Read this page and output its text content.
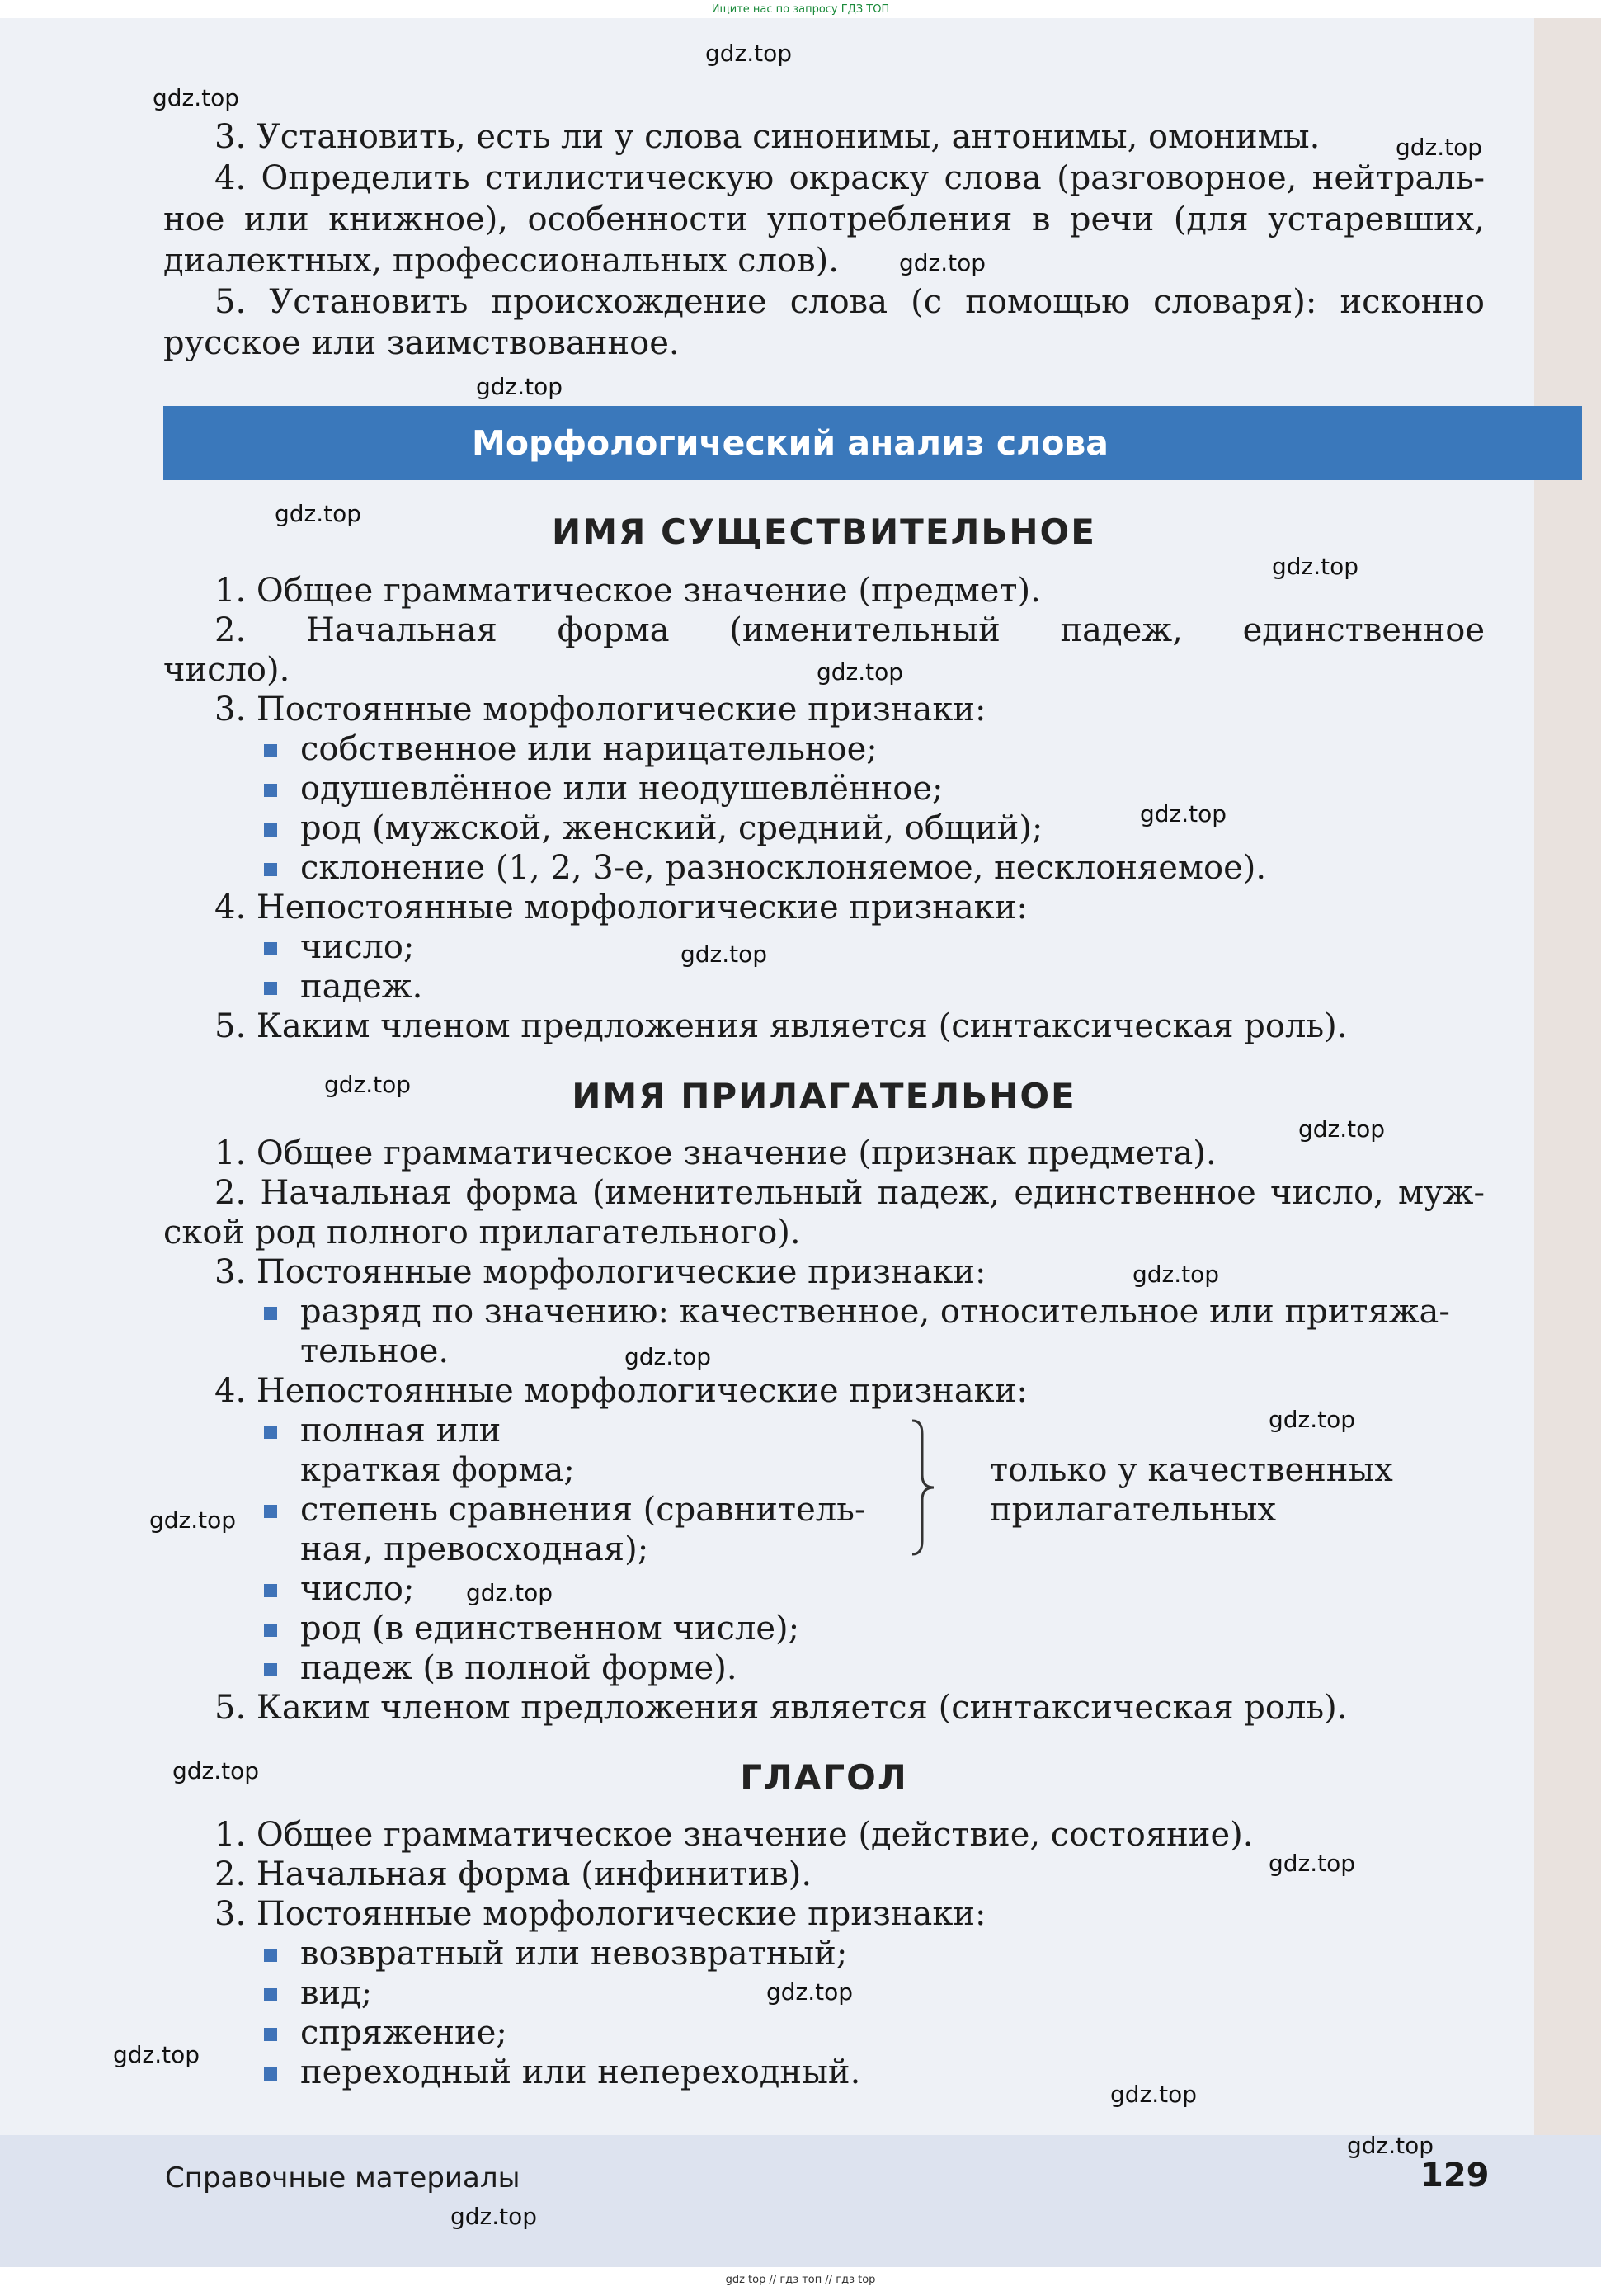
Ищите нас по запросу ГДЗ ТОП
3. Установить, есть ли у слова синонимы, антонимы, омонимы.
4. Определить стилистическую окраску слова (разговорное, нейтраль-
ное или книжное), особенности употребления в речи (для устаревших,
диалектных, профессиональных слов).
5. Установить происхождение слова (с помощью словаря): исконно
русское или заимствованное.
Морфологический анализ слова
ИМЯ СУЩЕСТВИТЕЛЬНОЕ
1. Общее грамматическое значение (предмет).
2. Начальная форма (именительный падеж, единственное
число).
3. Постоянные морфологические признаки:
собственное или нарицательное;
одушевлённое или неодушевлённое;
род (мужской, женский, средний, общий);
склонение (1, 2, 3-е, разносклоняемое, несклоняемое).
4. Непостоянные морфологические признаки:
число;
падеж.
5. Каким членом предложения является (синтаксическая роль).
ИМЯ ПРИЛАГАТЕЛЬНОЕ
1. Общее грамматическое значение (признак предмета).
2. Начальная форма (именительный падеж, единственное число, муж-
ской род полного прилагательного).
3. Постоянные морфологические признаки:
разряд по значению: качественное, относительное или притяжа-
тельное.
4. Непостоянные морфологические признаки:
полная или
краткая форма;
степень сравнения (сравнитель-
ная, превосходная);
только у качественных
прилагательных
число;
род (в единственном числе);
падеж (в полной форме).
5. Каким членом предложения является (синтаксическая роль).
ГЛАГОЛ
1. Общее грамматическое значение (действие, состояние).
2. Начальная форма (инфинитив).
3. Постоянные морфологические признаки:
возвратный или невозвратный;
вид;
спряжение;
переходный или непереходный.
Справочные материалы	129
gdz.top
gdz.top
gdz.top
gdz.top
gdz.top
gdz.top
gdz.top
gdz.top
gdz.top
gdz.top
gdz.top
gdz.top
gdz.top
gdz.top
gdz.top
gdz.top
gdz.top
gdz.top
gdz.top
gdz.top
gdz.top
gdz.top
gdz.top
gdz.top
gdz top // гдз топ // гдз top
